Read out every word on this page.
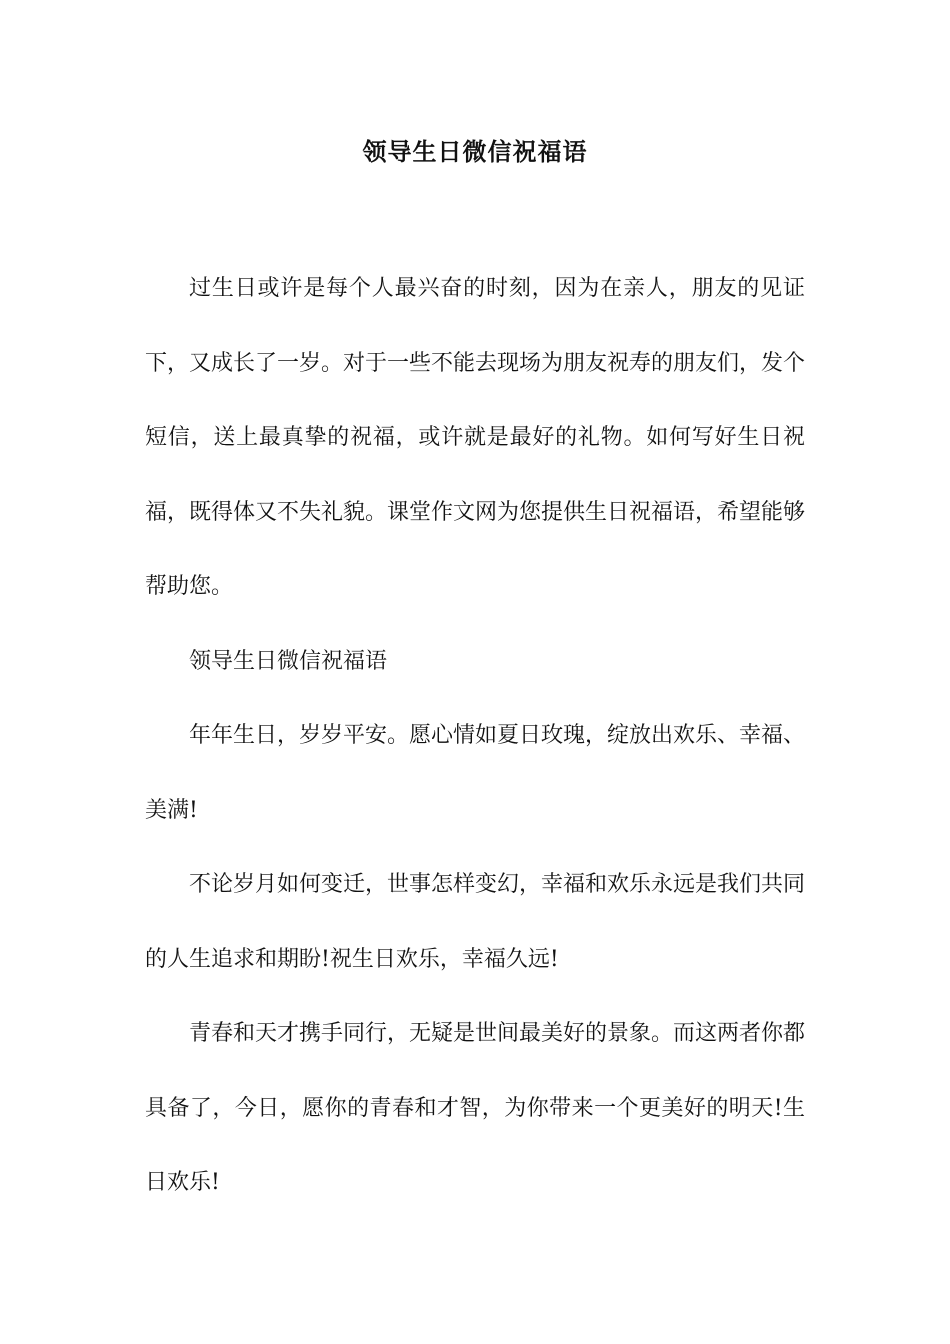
领导生日微信祝福语

过生日或许是每个人最兴奋的时刻，因为在亲人，朋友的见证下，又成长了一岁。对于一些不能去现场为朋友祝寿的朋友们，发个短信，送上最真挚的祝福，或许就是最好的礼物。如何写好生日祝福，既得体又不失礼貌。课堂作文网为您提供生日祝福语，希望能够帮助您。

领导生日微信祝福语

年年生日，岁岁平安。愿心情如夏日玫瑰，绽放出欢乐、幸福、美满!

不论岁月如何变迁，世事怎样变幻，幸福和欢乐永远是我们共同的人生追求和期盼!祝生日欢乐，幸福久远!

青春和天才携手同行，无疑是世间最美好的景象。而这两者你都具备了，今日，愿你的青春和才智，为你带来一个更美好的明天!生日欢乐!
